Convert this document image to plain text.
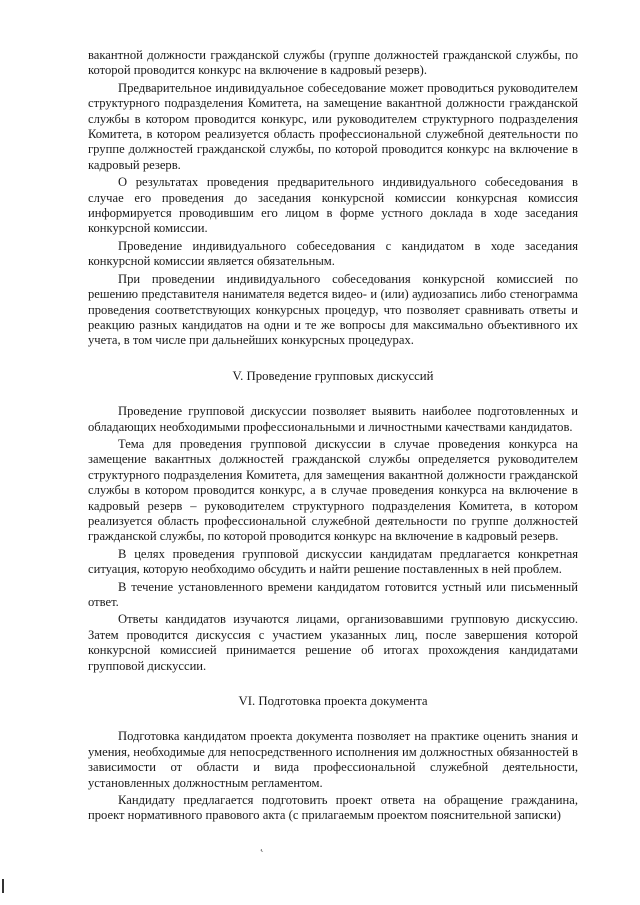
вакантной должности гражданской службы (группе должностей гражданской службы, по которой проводится конкурс на включение в кадровый резерв).

Предварительное индивидуальное собеседование может проводиться руководителем структурного подразделения Комитета, на замещение вакантной должности гражданской службы в котором проводится конкурс, или руководителем структурного подразделения Комитета, в котором реализуется область профессиональной служебной деятельности по группе должностей гражданской службы, по которой проводится конкурс на включение в кадровый резерв.

О результатах проведения предварительного индивидуального собеседования в случае его проведения до заседания конкурсной комиссии конкурсная комиссия информируется проводившим его лицом в форме устного доклада в ходе заседания конкурсной комиссии.

Проведение индивидуального собеседования с кандидатом в ходе заседания конкурсной комиссии является обязательным.

При проведении индивидуального собеседования конкурсной комиссией по решению представителя нанимателя ведется видео- и (или) аудиозапись либо стенограмма проведения соответствующих конкурсных процедур, что позволяет сравнивать ответы и реакцию разных кандидатов на одни и те же вопросы для максимально объективного их учета, в том числе при дальнейших конкурсных процедурах.

V. Проведение групповых дискуссий

Проведение групповой дискуссии позволяет выявить наиболее подготовленных и обладающих необходимыми профессиональными и личностными качествами кандидатов.

Тема для проведения групповой дискуссии в случае проведения конкурса на замещение вакантных должностей гражданской службы определяется руководителем структурного подразделения Комитета, для замещения вакантной должности гражданской службы в котором проводится конкурс, а в случае проведения конкурса на включение в кадровый резерв – руководителем структурного подразделения Комитета, в котором реализуется область профессиональной служебной деятельности по группе должностей гражданской службы, по которой проводится конкурс на включение в кадровый резерв.

В целях проведения групповой дискуссии кандидатам предлагается конкретная ситуация, которую необходимо обсудить и найти решение поставленных в ней проблем.

В течение установленного времени кандидатом готовится устный или письменный ответ.

Ответы кандидатов изучаются лицами, организовавшими групповую дискуссию. Затем проводится дискуссия с участием указанных лиц, после завершения которой конкурсной комиссией принимается решение об итогах прохождения кандидатами групповой дискуссии.

VI. Подготовка проекта документа

Подготовка кандидатом проекта документа позволяет на практике оценить знания и умения, необходимые для непосредственного исполнения им должностных обязанностей в зависимости от области и вида профессиональной служебной деятельности, установленных должностным регламентом.

Кандидату предлагается подготовить проект ответа на обращение гражданина, проект нормативного правового акта (с прилагаемым проектом пояснительной записки)

˛
